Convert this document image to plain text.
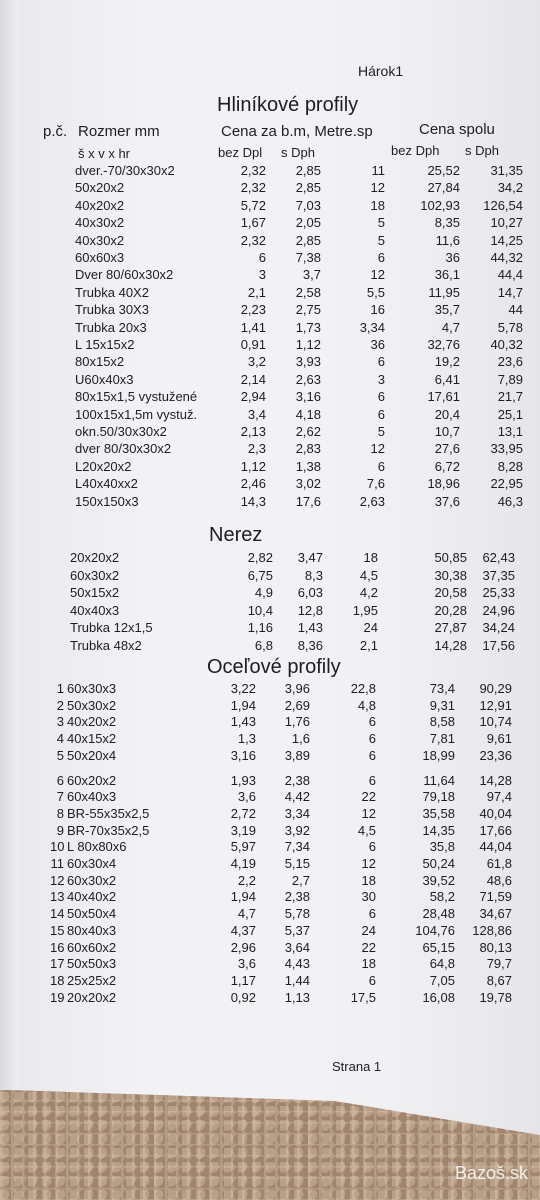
Hárok1
Hliníkové profily
p.č. Rozmer mm	Cena za b.m, Metre.sp	Cena spolu
š x v x hr	bez Dpl s Dph	bez Dph s Dph
dver.-70/30x30x2	2,32	2,85	11	25,52	31,35
50x20x2	2,32	2,85	12	27,84	34,2
40x20x2	5,72	7,03	18	102,93	126,54
40x30x2	1,67	2,05	5	8,35	10,27
40x30x2	2,32	2,85	5	11,6	14,25
60x60x3	6	7,38	6	36	44,32
Dver 80/60x30x2	3	3,7	12	36,1	44,4
Trubka 40X2	2,1	2,58	5,5	11,95	14,7
Trubka 30X3	2,23	2,75	16	35,7	44
Trubka 20x3	1,41	1,73	3,34	4,7	5,78
L 15x15x2	0,91	1,12	36	32,76	40,32
80x15x2	3,2	3,93	6	19,2	23,6
U60x40x3	2,14	2,63	3	6,41	7,89
80x15x1,5 vystužené	2,94	3,16	6	17,61	21,7
100x15x1,5m vystuž.	3,4	4,18	6	20,4	25,1
okn.50/30x30x2	2,13	2,62	5	10,7	13,1
dver 80/30x30x2	2,3	2,83	12	27,6	33,95
L20x20x2	1,12	1,38	6	6,72	8,28
L40x40xx2	2,46	3,02	7,6	18,96	22,95
150x150x3	14,3	17,6	2,63	37,6	46,3
Nerez
20x20x2	2,82	3,47	18	50,85	62,43
60x30x2	6,75	8,3	4,5	30,38	37,35
50x15x2	4,9	6,03	4,2	20,58	25,33
40x40x3	10,4	12,8	1,95	20,28	24,96
Trubka 12x1,5	1,16	1,43	24	27,87	34,24
Trubka 48x2	6,8	8,36	2,1	14,28	17,56
Oceľové profily
1 60x30x3	3,22	3,96	22,8	73,4	90,29
2 50x30x2	1,94	2,69	4,8	9,31	12,91
3 40x20x2	1,43	1,76	6	8,58	10,74
4 40x15x2	1,3	1,6	6	7,81	9,61
5 50x20x4	3,16	3,89	6	18,99	23,36
6 60x20x2	1,93	2,38	6	11,64	14,28
7 60x40x3	3,6	4,42	22	79,18	97,4
8 BR-55x35x2,5	2,72	3,34	12	35,58	40,04
9 BR-70x35x2,5	3,19	3,92	4,5	14,35	17,66
10 L 80x80x6	5,97	7,34	6	35,8	44,04
11 60x30x4	4,19	5,15	12	50,24	61,8
12 60x30x2	2,2	2,7	18	39,52	48,6
13 40x40x2	1,94	2,38	30	58,2	71,59
14 50x50x4	4,7	5,78	6	28,48	34,67
15 80x40x3	4,37	5,37	24	104,76	128,86
16 60x60x2	2,96	3,64	22	65,15	80,13
17 50x50x3	3,6	4,43	18	64,8	79,7
18 25x25x2	1,17	1,44	6	7,05	8,67
19 20x20x2	0,92	1,13	17,5	16,08	19,78
Strana 1
Bazoš.sk
